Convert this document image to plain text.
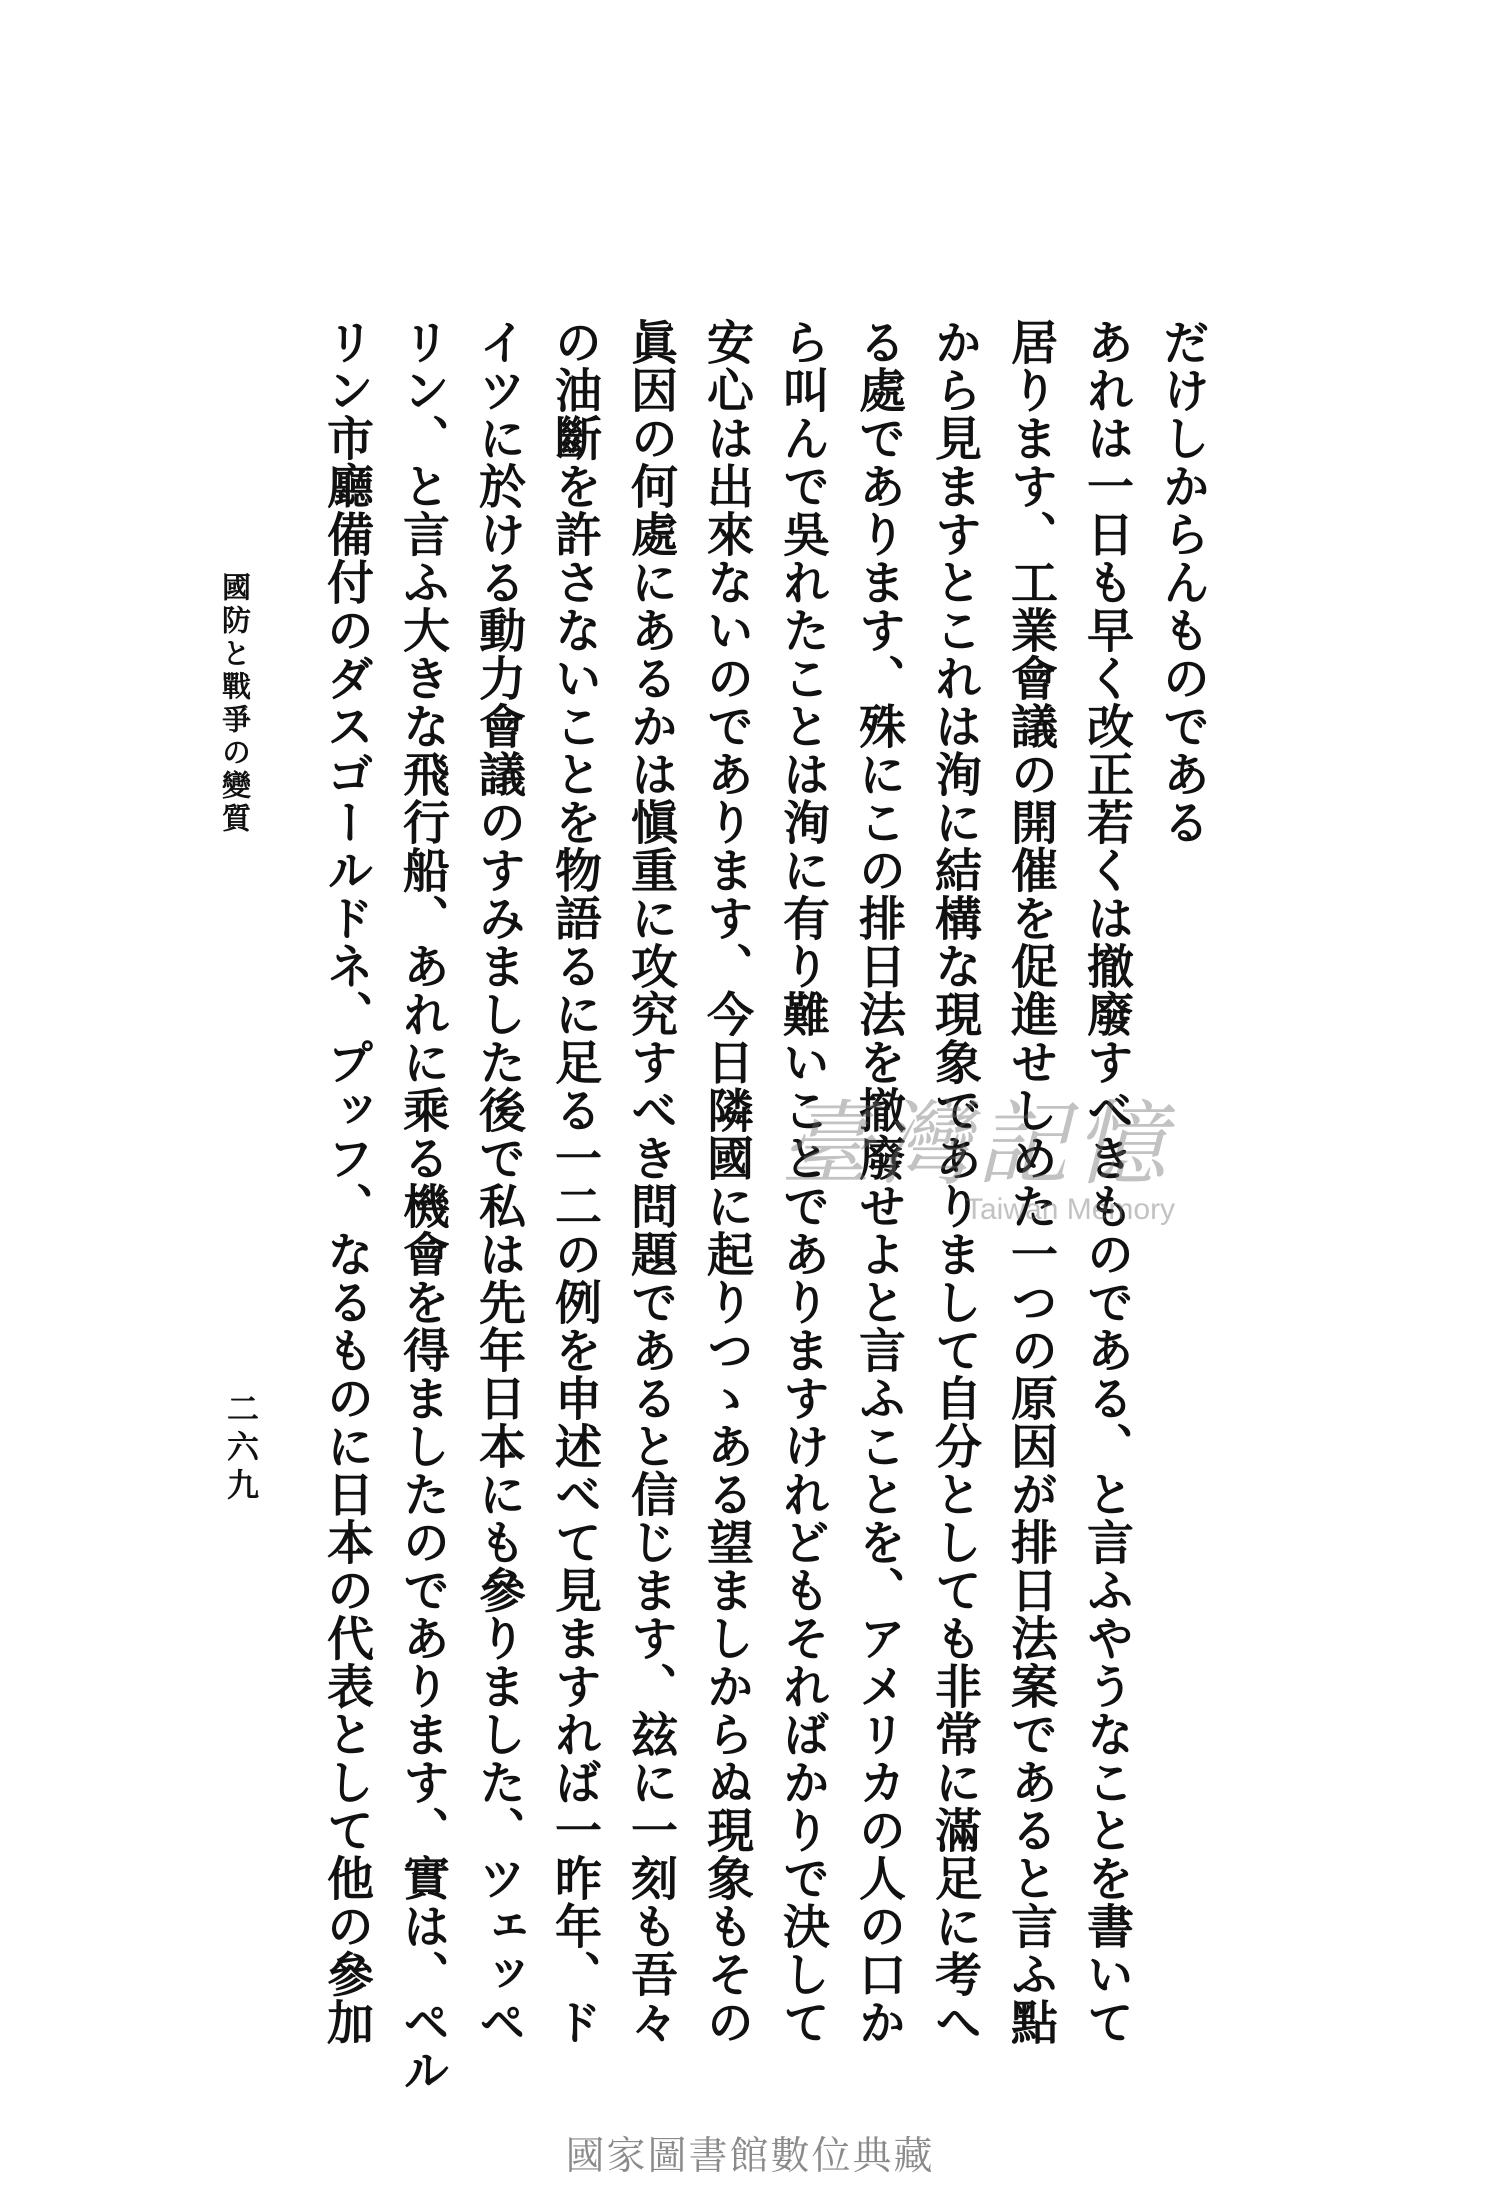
だけしからんものである
あれは一日も早く改正若くは撤廢すべきものである、と言ふやうなことを書いて
居ります、工業會議の開催を促進せしめた一つの原因が排日法案であると言ふ點
から見ますとこれは洵に結構な現象でありまして自分としても非常に滿足に考へ
る處であります、殊にこの排日法を撤廢せよと言ふことを、アメリカの人の口か
ら叫んで吳れたことは洵に有り難いことでありますけれどもそればかりで決して
安心は出來ないのであります、今日隣國に起りつゝある望ましからぬ現象もその
眞因の何處にあるかは愼重に攻究すべき問題であると信じます、玆に一刻も吾々
の油斷を許さないことを物語るに足る一二の例を申述べて見ますれば一昨年、ド
イツに於ける動力會議のすみました後で私は先年日本にも參りました、ツェッペ
リン、と言ふ大きな飛行船、あれに乘る機會を得ましたのであります、實は、ペル
リン市廳備付のダスゴールドネ、プッフ、なるものに日本の代表として他の參加
國防と戰爭の變質
二六九
臺灣記憶
Taiwan Memory
國家圖書館數位典藏
